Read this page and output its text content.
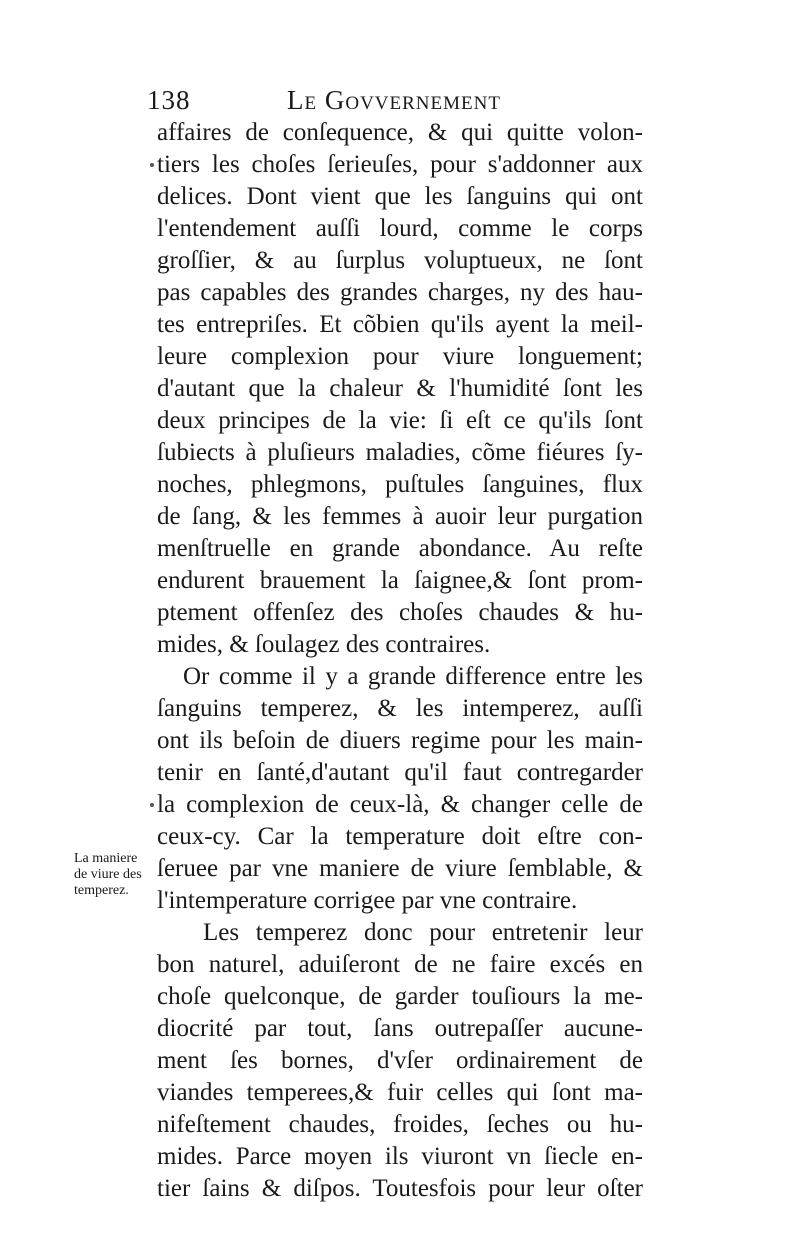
138	Le Govvernement
affaires de conſequence, & qui quitte volon-
tiers les choſes ſerieuſes, pour s'addonner aux
delices. Dont vient que les ſanguins qui ont
l'entendement auſſi lourd, comme le corps
groſſier, & au ſurplus voluptueux, ne ſont
pas capables des grandes charges, ny des hau-
tes entrepriſes. Et cõbien qu'ils ayent la meil-
leure complexion pour viure longuement;
d'autant que la chaleur & l'humidité ſont les
deux principes de la vie: ſi eſt ce qu'ils ſont
ſubiects à pluſieurs maladies, cõme fiéures ſy-
noches, phlegmons, puſtules ſanguines, flux
de ſang, & les femmes à auoir leur purgation
menſtruelle en grande abondance. Au reſte
endurent brauement la ſaignee,& ſont prom-
ptement offenſez des choſes chaudes & hu-
mides, & ſoulagez des contraires.
Or comme il y a grande difference entre les
ſanguins temperez, & les intemperez, auſſi
ont ils beſoin de diuers regime pour les main-
tenir en ſanté,d'autant qu'il faut contregarder
la complexion de ceux-là, & changer celle de
ceux-cy. Car la temperature doit eſtre con-
ſeruee par vne maniere de viure ſemblable, &
l'intemperature corrigee par vne contraire.
Les temperez donc pour entretenir leur
bon naturel, aduiſeront de ne faire excés en
choſe quelconque, de garder touſiours la me-
diocrité par tout, ſans outrepaſſer aucune-
ment ſes bornes, d'vſer ordinairement de
viandes temperees,& fuir celles qui ſont ma-
nifeſtement chaudes, froides, ſeches ou hu-
mides. Parce moyen ils viuront vn ſiecle en-
tier ſains & diſpos. Toutesfois pour leur oſter
La maniere
de viure des
temperez.
